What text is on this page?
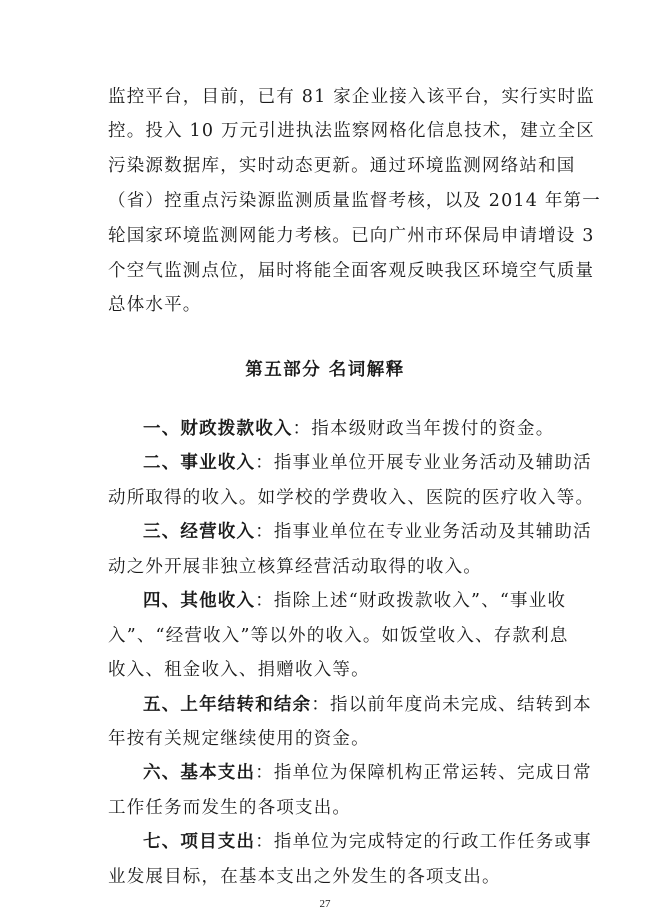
监控平台，目前，已有 81 家企业接入该平台，实行实时监
控。投入 10 万元引进执法监察网格化信息技术，建立全区
污染源数据库，实时动态更新。通过环境监测网络站和国
（省）控重点污染源监测质量监督考核，以及 2014 年第一
轮国家环境监测网能力考核。已向广州市环保局申请增设 3
个空气监测点位，届时将能全面客观反映我区环境空气质量
总体水平。
第五部分 名词解释
一、财政拨款收入：指本级财政当年拨付的资金。
二、事业收入：指事业单位开展专业业务活动及辅助活
动所取得的收入。如学校的学费收入、医院的医疗收入等。
三、经营收入：指事业单位在专业业务活动及其辅助活
动之外开展非独立核算经营活动取得的收入。
四、其他收入：指除上述“财政拨款收入”、“事业收
入”、“经营收入”等以外的收入。如饭堂收入、存款利息
收入、租金收入、捐赠收入等。
五、上年结转和结余：指以前年度尚未完成、结转到本
年按有关规定继续使用的资金。
六、基本支出：指单位为保障机构正常运转、完成日常
工作任务而发生的各项支出。
七、项目支出：指单位为完成特定的行政工作任务或事
业发展目标，在基本支出之外发生的各项支出。
27
